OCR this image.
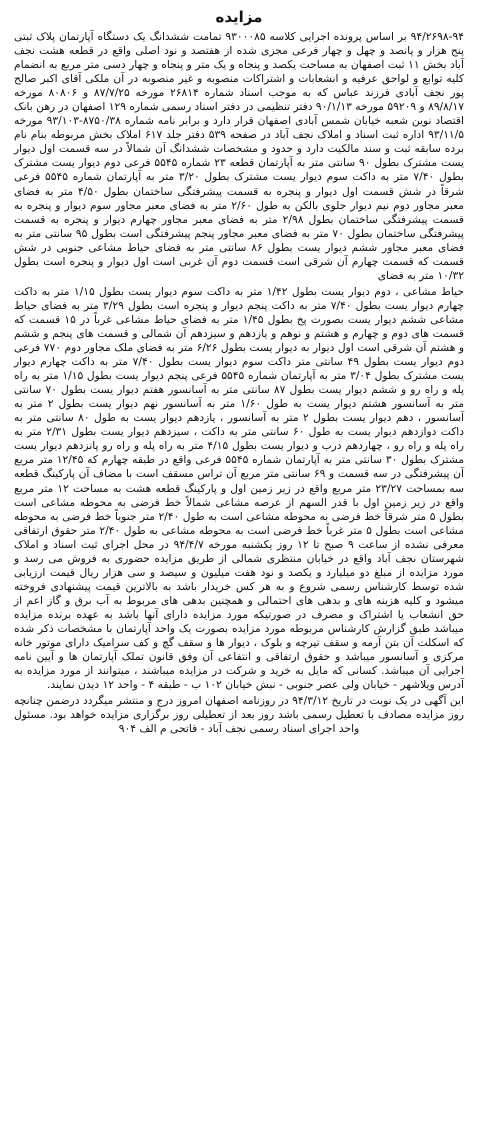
مزایده

۹۴/۲۶۹۸-۹۴ بر اساس پرونده اجرایی کلاسه ۹۳۰۰۰۸۵ تمامت ششدانگ یک دستگاه آپارتمان پلاک ثبتی پنج هزار و پانصد و چهل و چهار فرعی مجزی شده از هفتصد و نود اصلی واقع در قطعه هشت نجف آباد بخش ۱۱ ثبت اصفهان به مساحت یکصد و پنجاه و یک متر و پنجاه و چهار دسی متر مربع به انضمام کلیه توابع و لواحق عرفیه و انشعابات و اشتراکات منصوبه و غیر منصوبه در آن ملکی آقای اکبر صالح پور نجف آبادی فرزند عباس که به موجب اسناد شماره ۲۶۸۱۴ مورخه ۸۷/۷/۲۵ و ۸۰۸۰۶ مورخه ۸۹/۸/۱۷ و ۵۹۲۰۹ مورخه ۹۰/۱/۱۳ دفتر تنظیمی در دفتر اسناد رسمی شماره ۱۲۹ اصفهان در رهن بانک اقتصاد نوین شعبه خیابان شمس آبادی اصفهان قرار دارد و برابر نامه شماره ۸۷۵۰/۳۸-۹۳/۱۰۳ مورخه ۹۳/۱۱/۵ اداره ثبت اسناد و املاک نجف آباد در صفحه ۵۳۹ دفتر جلد ۶۱۷ املاک بخش مربوطه بنام نام برده سابقه ثبت و سند مالکیت دارد و حدود و مشخصات ششدانگ آن شمالاً در سه قسمت اول دیوار یست مشترک بطول ۹۰ سانتی متر به آپارتمان قطعه ۲۳ شماره ۵۵۴۵ فرعی دوم دیوار یست مشترک بطول ۷/۴۰ متر به داکت سوم دیوار یست مشترک بطول ۳/۲۰ متر به آپارتمان شماره ۵۵۴۵ فرعی شرقاً در شش قسمت اول دیوار و پنجره به قسمت پیشرفتگی ساختمان بطول ۴/۵۰ متر به فضای معبر مجاور دوم نیم دیوار جلوی بالکن به طول ۲/۶۰ متر به فضای معبر مجاور سوم دیوار و پنجره به قسمت پیشرفتگی ساختمان بطول ۲/۹۸ متر به فضای معبر مجاور چهارم دیوار و پنجره به قسمت پیشرفتگی ساختمان بطول ۷۰ متر به فضای معبر مجاور پنجم پیشرفتگی است بطول ۹۵ سانتی متر به فضای معبر مجاور ششم دیوار یست بطول ۸۶ سانتی متر به فضای حیاط مشاعی جنوبی در شش قسمت که قسمت چهارم آن شرقی است قسمت دوم آن غربی است اول دیوار و پنجره است بطول ۱۰/۳۲ متر به فضای

حیاط مشاعی ، دوم دیوار یست بطول ۱/۴۲ متر به داکت سوم دیوار یست بطول ۱/۱۵ متر به داکت چهارم دیوار یست بطول ۷/۴۰ متر به داکت پنجم دیوار و پنجره است بطول ۳/۲۹ متر به فضای حیاط مشاعی ششم دیوار یست بصورت پخ بطول ۱/۴۵ متر به فضای حیاط مشاعی غرباً در ۱۵ قسمت که قسمت های دوم و چهارم و هشتم و نوهم و یازدهم و سیزدهم آن شمالی و قسمت های پنجم و ششم و هشتم آن شرقی است اول دیوار به دیوار یست بطول ۶/۲۶ متر به فضای ملک مجاور دوم ۷۷۰ فرعی دوم دیوار یست بطول ۴۹ سانتی متر داکت سوم دیوار یست بطول ۷/۴۰ متر به داکت چهارم دیوار یست مشترک بطول ۳/۰۴ متر به آپارتمان شماره ۵۵۴۵ فرعی پنجم دیوار یست بطول ۱/۱۵ متر به راه پله و راه رو و ششم دیوار یست بطول ۸۷ سانتی متر به آسانسور هفتم دیوار یست بطول ۷۰ سانتی متر به آسانسور هشتم دیوار یست به طول ۱/۶۰ متر به آسانسور نهم دیوار یست بطول ۲ متر به آسانسور ، دهم دیوار یست بطول ۲ متر به آسانسور ، یازدهم دیوار یست به طول ۸۰ سانتی متر به داکت دوازدهم دیوار یست به طول ۶۰ سانتی متر به داکت ، سیزدهم دیوار یست بطول ۲/۳۱ متر به راه پله و راه رو ، چهاردهم درب و دیوار یست بطول ۴/۱۵ متر به راه پله و راه رو پانزدهم دیوار یست مشترک بطول ۳۰ سانتی متر به آپارتمان شماره ۵۵۴۵ فرعی واقع در طبقه چهارم که ۱۲/۴۵ متر مربع آن پیشرفتگی در سه قسمت و ۶۹ سانتی متر مربع آن تراس مسقف است با مضاف آن پارکینگ قطعه سه بمساحت ۲۳/۲۷ متر مربع واقع در زیر زمین اول و پارکینگ قطعه هشت به مساحت ۱۲ متر مربع واقع در زیر زمین اول با قدر السهم از عرصه مشاعی شمالاً خط فرضی به محوطه مشاعی است بطول ۵ متر شرقاً خط فرضی به محوطه مشاعی است به طول ۲/۴۰ متر جنوباً خط فرضی به محوطه مشاعی است بطول ۵ متر غرباً خط فرضی است به محوطه مشاعی به طول ۲/۴۰ متر حقوق ارتفاقی معرفی نشده از ساعت ۹ صبح تا ۱۲ روز یکشنبه مورخه ۹۴/۴/۷ در محل اجرای ثبت اسناد و املاک شهرستان نجف آباد واقع در خیابان منتظری شمالی از طریق مزایده حضوری به فروش می رسد و مورد مزایده از مبلغ دو میلیارد و یکصد و نود هفت میلیون و سیصد و سی هزار ریال قیمت ارزیابی شده توسط کارشناس رسمی شروع و به هر کس خریدار باشد به بالاترین قیمت پیشنهادی فروخته میشود و کلیه هزینه های و بدهی های احتمالی و همچنین بدهی های مربوط به آب برق و گاز اعم از حق انشعاب یا اشتراک و مصرف در صورتیکه مورد مزایده دارای آنها باشد به عهده برنده مزایده میباشد طبق گزارش کارشناس مربوطه مورد مزایده بصورت یک واحد آپارتمان با مشخصات ذکر شده که اسکلت آن بتن آرمه و سقف تیرچه و بلوک ، دیوار ها و سقف گچ و کف سرامیک دارای موتور خانه مرکزی و آسانسور میباشد و حقوق ارتفاقی و انتفاعی آن وفق قانون تملک آپارتمان ها و آیین نامه اجرایی آن میباشد. کسانی که مایل به خرید و شرکت در مزایده میباشند ، میتوانند از مورد مزایده به آدرس ویلاشهر - خیابان ولی عصر جنوبی - نبش خیابان ۱۰۲ ب - طبقه ۴ - واحد ۱۲ دیدن نمایند.

این آگهی در یک نوبت در تاریخ ۹۴/۳/۱۲ در روزنامه اصفهان امروز درج و منتشر میگردد درضمن چنانچه روز مزایده مصادف با تعطیل رسمی باشد روز بعد از تعطیلی روز برگزاری مزایده خواهد بود. مسئول واحد اجرای اسناد رسمی نجف آباد - فاتحی م الف ۹۰۴
